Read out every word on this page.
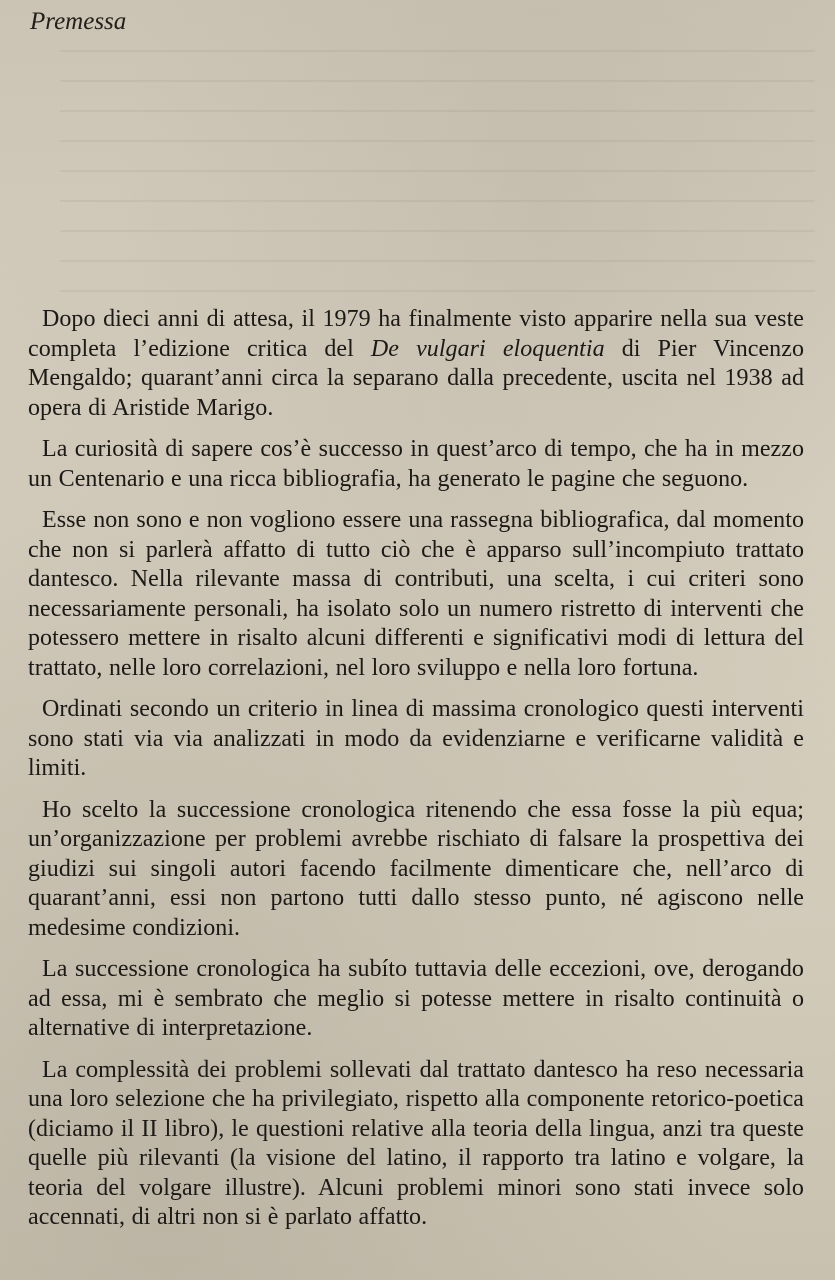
Premessa

Dopo dieci anni di attesa, il 1979 ha finalmente visto apparire nella sua veste completa l’edizione critica del De vulgari eloquentia di Pier Vincenzo Mengaldo; quarant’anni circa la separano dalla precedente, uscita nel 1938 ad opera di Aristide Marigo.

La curiosità di sapere cos’è successo in quest’arco di tempo, che ha in mezzo un Centenario e una ricca bibliografia, ha generato le pagine che seguono.

Esse non sono e non vogliono essere una rassegna bibliografica, dal momento che non si parlerà affatto di tutto ciò che è apparso sull’incompiuto trattato dantesco. Nella rilevante massa di contributi, una scelta, i cui criteri sono necessariamente personali, ha isolato solo un numero ristretto di interventi che potessero mettere in risalto alcuni differenti e significativi modi di lettura del trattato, nelle loro correlazioni, nel loro sviluppo e nella loro fortuna.

Ordinati secondo un criterio in linea di massima cronologico questi interventi sono stati via via analizzati in modo da evidenziarne e verificarne validità e limiti.

Ho scelto la successione cronologica ritenendo che essa fosse la più equa; un’organizzazione per problemi avrebbe rischiato di falsare la prospettiva dei giudizi sui singoli autori facendo facilmente dimenticare che, nell’arco di quarant’anni, essi non partono tutti dallo stesso punto, né agiscono nelle medesime condizioni.

La successione cronologica ha subíto tuttavia delle eccezioni, ove, derogando ad essa, mi è sembrato che meglio si potesse mettere in risalto continuità o alternative di interpretazione.

La complessità dei problemi sollevati dal trattato dantesco ha reso necessaria una loro selezione che ha privilegiato, rispetto alla componente retorico-poetica (diciamo il II libro), le questioni relative alla teoria della lingua, anzi tra queste quelle più rilevanti (la visione del latino, il rapporto tra latino e volgare, la teoria del volgare illustre). Alcuni problemi minori sono stati invece solo accennati, di altri non si è parlato affatto.
